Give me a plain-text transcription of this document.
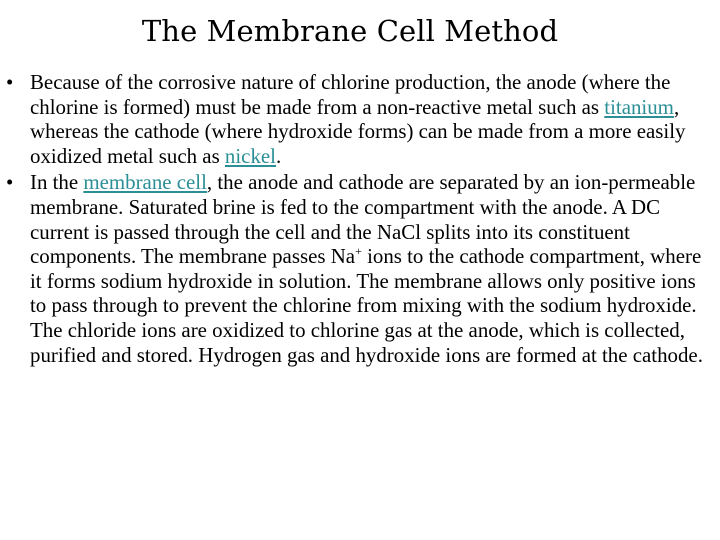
The Membrane Cell Method
• Because of the corrosive nature of chlorine production, the anode (where the chlorine is formed) must be made from a non-reactive metal such as titanium, whereas the cathode (where hydroxide forms) can be made from a more easily oxidized metal such as nickel.
• In the membrane cell, the anode and cathode are separated by an ion-permeable membrane. Saturated brine is fed to the compartment with the anode. A DC current is passed through the cell and the NaCl splits into its constituent components. The membrane passes Na+ ions to the cathode compartment, where it forms sodium hydroxide in solution. The membrane allows only positive ions to pass through to prevent the chlorine from mixing with the sodium hydroxide. The chloride ions are oxidized to chlorine gas at the anode, which is collected, purified and stored. Hydrogen gas and hydroxide ions are formed at the cathode.
